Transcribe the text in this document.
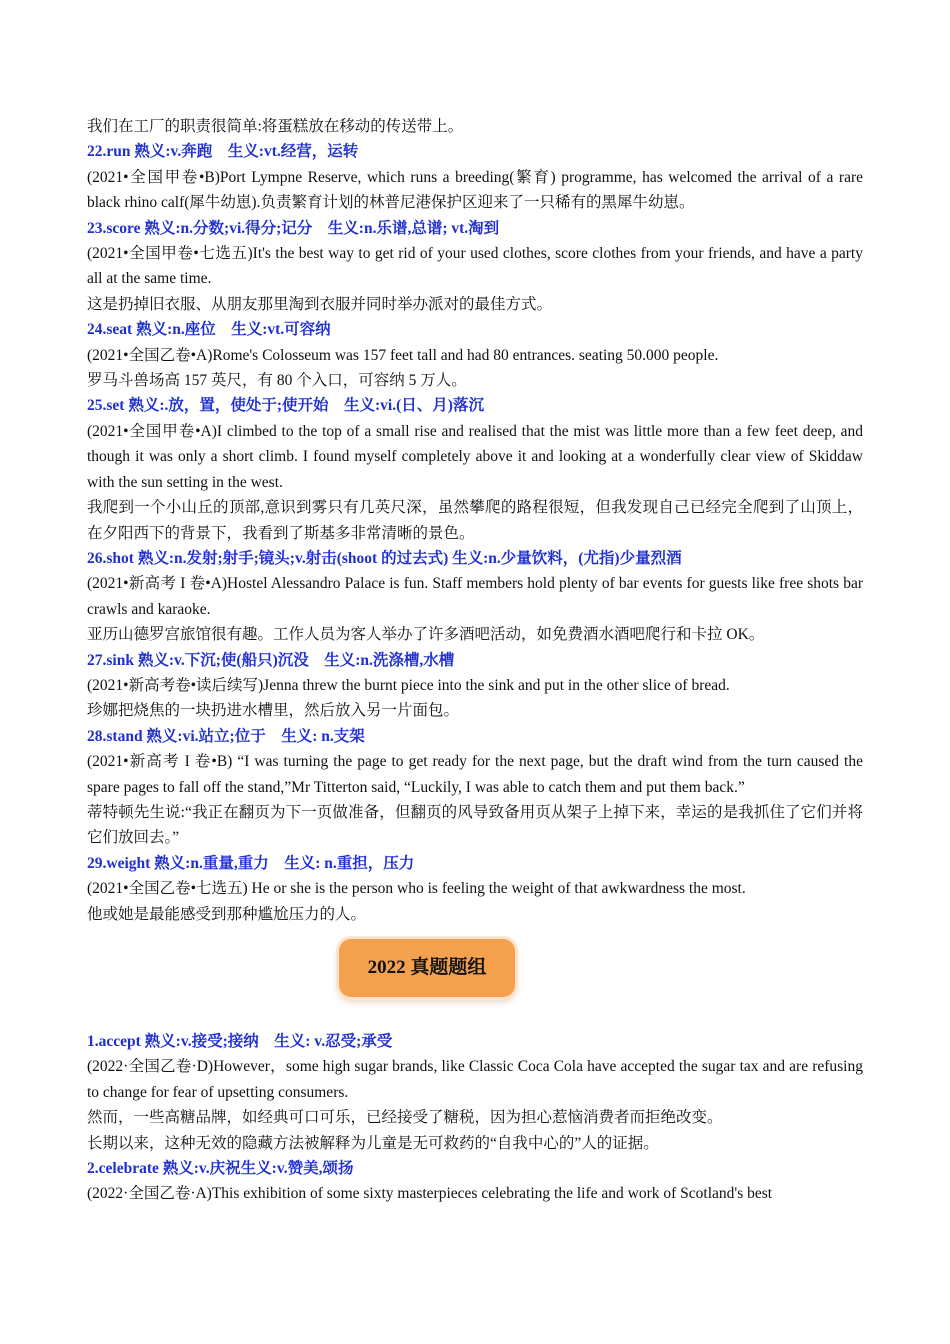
我们在工厂的职责很简单:将蛋糕放在移动的传送带上。

22.run 熟义:v.奔跑　生义:vt.经营，运转

(2021•全国甲卷•B)Port Lympne Reserve, which runs a breeding(繁育) programme, has welcomed the arrival of a rare black rhino calf(犀牛幼崽).负责繁育计划的林普尼港保护区迎来了一只稀有的黑犀牛幼崽。

23.score 熟义:n.分数;vi.得分;记分　生义:n.乐谱,总谱; vt.淘到

(2021•全国甲卷•七选五)It's the best way to get rid of your used clothes, score clothes from your friends, and have a party all at the same time.

这是扔掉旧衣服、从朋友那里淘到衣服并同时举办派对的最佳方式。

24.seat 熟义:n.座位　生义:vt.可容纳

(2021•全国乙卷•A)Rome's Colosseum was 157 feet tall and had 80 entrances. seating 50.000 people.

罗马斗兽场高 157 英尺，有 80 个入口，可容纳 5 万人。

25.set 熟义:.放，置，使处于;使开始　生义:vi.(日、月)落沉

(2021•全国甲卷•A)I climbed to the top of a small rise and realised that the mist was little more than a few feet deep, and though it was only a short climb. I found myself completely above it and looking at a wonderfully clear view of Skiddaw with the sun setting in the west.

我爬到一个小山丘的顶部,意识到雾只有几英尺深，虽然攀爬的路程很短，但我发现自己已经完全爬到了山顶上，在夕阳西下的背景下，我看到了斯基多非常清晰的景色。

26.shot 熟义:n.发射;射手;镜头;v.射击(shoot 的过去式) 生义:n.少量饮料，(尤指)少量烈酒

(2021•新高考 I 卷•A)Hostel Alessandro Palace is fun. Staff members hold plenty of bar events for guests like free shots bar crawls and karaoke.

亚历山德罗宫旅馆很有趣。工作人员为客人举办了许多酒吧活动，如免费酒水酒吧爬行和卡拉 OK。

27.sink 熟义:v.下沉;使(船只)沉没　生义:n.洗涤槽,水槽

(2021•新高考卷•读后续写)Jenna threw the burnt piece into the sink and put in the other slice of bread.

珍娜把烧焦的一块扔进水槽里，然后放入另一片面包。

28.stand 熟义:vi.站立;位于　生义: n.支架

(2021•新高考 I 卷•B) “I was turning the page to get ready for the next page, but the draft wind from the turn caused the spare pages to fall off the stand,”Mr Titterton said, “Luckily, I was able to catch them and put them back.”

蒂特顿先生说:“我正在翻页为下一页做准备，但翻页的风导致备用页从架子上掉下来，幸运的是我抓住了它们并将它们放回去。”

29.weight 熟义:n.重量,重力　生义: n.重担，压力

(2021•全国乙卷•七选五) He or she is the person who is feeling the weight of that awkwardness the most.

他或她是最能感受到那种尴尬压力的人。

2022 真题题组

1.accept 熟义:v.接受;接纳　生义: v.忍受;承受

(2022·全国乙卷·D)However，some high sugar brands, like Classic Coca Cola have accepted the sugar tax and are refusing to change for fear of upsetting consumers.

然而，一些高糖品牌，如经典可口可乐，已经接受了糖税，因为担心惹恼消费者而拒绝改变。

长期以来，这种无效的隐藏方法被解释为儿童是无可救药的“自我中心的”人的证据。

2.celebrate 熟义:v.庆祝生义:v.赞美,颂扬

(2022·全国乙卷·A)This exhibition of some sixty masterpieces celebrating the life and work of Scotland's best
